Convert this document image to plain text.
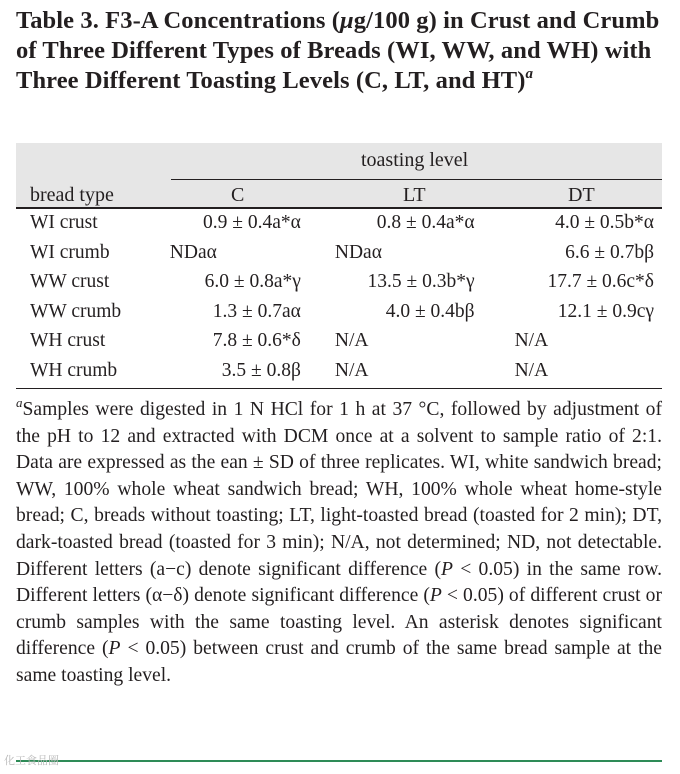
Table 3. F3-A Concentrations (μg/100 g) in Crust and Crumb of Three Different Types of Breads (WI, WW, and WH) with Three Different Toasting Levels (C, LT, and HT)$^a$
toasting level
bread type	C	LT	DT
WI crust	0.9 ± 0.4a*α	0.8 ± 0.4a*α	4.0 ± 0.5b*α
WI crumb	NDaα	NDaα	6.6 ± 0.7bβ
WW crust	6.0 ± 0.8a*γ	13.5 ± 0.3b*γ	17.7 ± 0.6c*δ
WW crumb	1.3 ± 0.7aα	4.0 ± 0.4bβ	12.1 ± 0.9cγ
WH crust	7.8 ± 0.6*δ	N/A	N/A
WH crumb	3.5 ± 0.8β	N/A	N/A
$^a$Samples were digested in 1 N HCl for 1 h at 37 °C, followed by adjustment of the pH to 12 and extracted with DCM once at a solvent to sample ratio of 2:1. Data are expressed as the ean ± SD of three replicates. WI, white sandwich bread; WW, 100% whole wheat sandwich bread; WH, 100% whole wheat home-style bread; C, breads without toasting; LT, light-toasted bread (toasted for 2 min); DT, dark-toasted bread (toasted for 3 min); N/A, not determined; ND, not detectable. Different letters (a−c) denote significant difference (P < 0.05) in the same row. Different letters (α−δ) denote significant difference (P < 0.05) of different crust or crumb samples with the same toasting level. An asterisk denotes significant difference (P < 0.05) between crust and crumb of the same bread sample at the same toasting level.
化工食品圈
